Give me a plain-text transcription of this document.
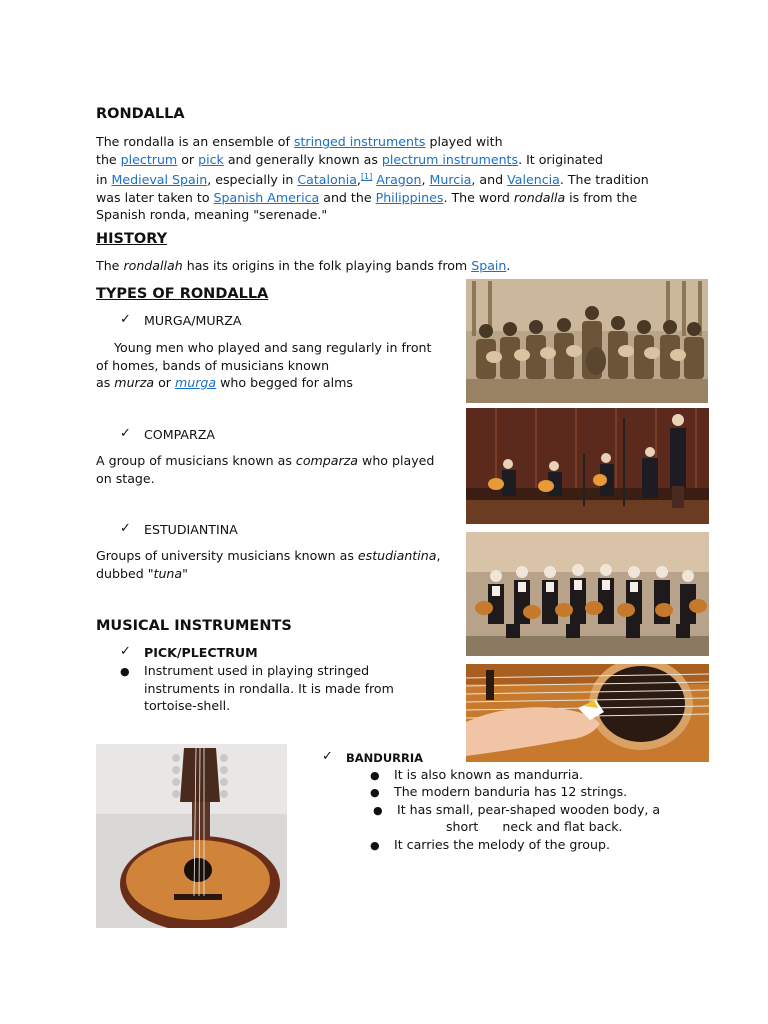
RONDALLA

The rondalla is an ensemble of stringed instruments played with

the plectrum or pick and generally known as plectrum instruments. It originated

in Medieval Spain, especially in Catalonia,[1] Aragon, Murcia, and Valencia. The tradition

was later taken to Spanish America and the Philippines. The word rondalla is from the

Spanish ronda, meaning "serenade."

HISTORY

The rondallah has its origins in the folk playing bands from Spain.

TYPES OF RONDALLA
✓ MURGA/MURZA

Young men who played and sang regularly in front

of homes, bands of musicians known

as murza or murga who begged for alms

✓ COMPARZA

A group of musicians known as comparza who played

on stage.

✓ ESTUDIANTINA

Groups of university musicians known as estudiantina,

dubbed "tuna"

MUSICAL INSTRUMENTS
✓ PICK/PLECTRUM
● Instrument used in playing stringed

instruments in rondalla. It is made from

tortoise-shell.

✓ BANDURRIA
● It is also known as mandurria.
● The modern banduria has 12 strings.
● It has small, pear-shaped wooden body, a
short      neck and flat back.
● It carries the melody of the group.
